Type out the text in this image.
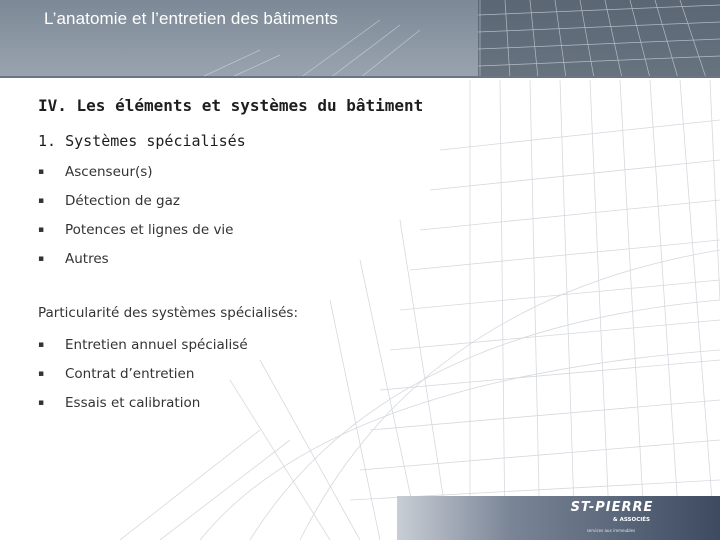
L’anatomie et l’entretien des bâtiments
IV. Les éléments et systèmes du bâtiment
1. Systèmes spécialisés
▪ Ascenseur(s)
▪ Détection de gaz
▪ Potences et lignes de vie
▪ Autres
Particularité des systèmes spécialisés:
▪ Entretien annuel spécialisé
▪ Contrat d’entretien
▪ Essais et calibration
ST-PIERRE
& ASSOCIÉS
services aux immeubles
